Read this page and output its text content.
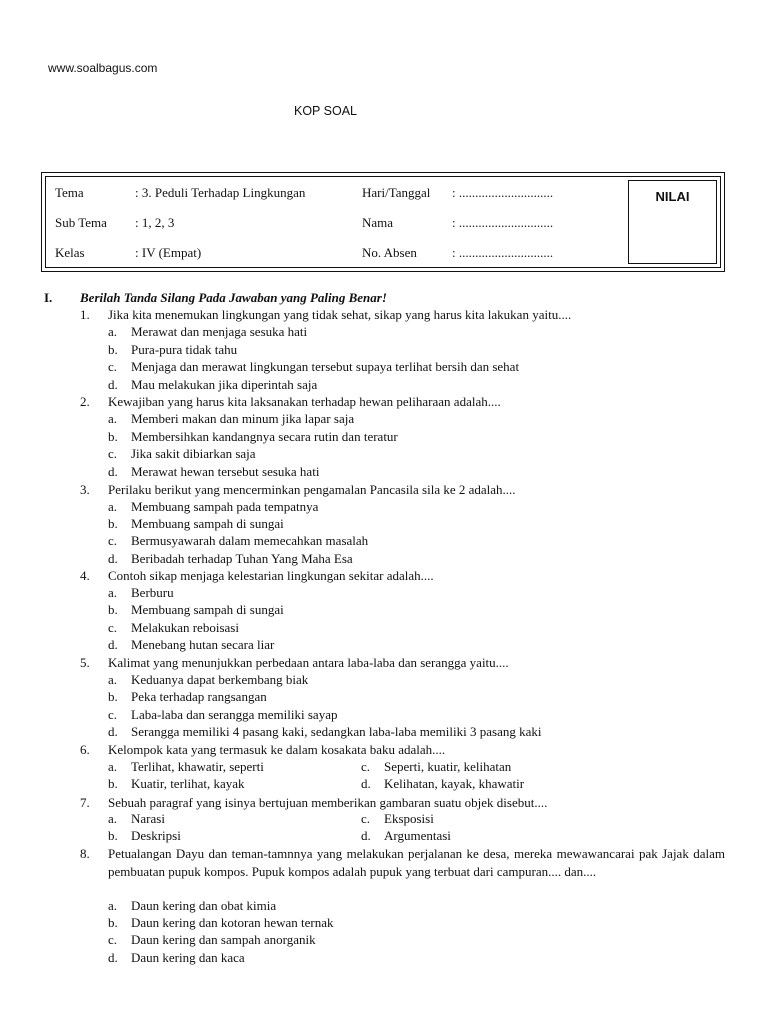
www.soalbagus.com
KOP SOAL
Tema	: 3. Peduli Terhadap Lingkungan	Hari/Tanggal : .............................
Sub Tema : 1, 2, 3	Nama	: .............................
Kelas	: IV (Empat)	No. Absen	: .............................
NILAI
I. Berilah Tanda Silang Pada Jawaban yang Paling Benar!
1. Jika kita menemukan lingkungan yang tidak sehat, sikap yang harus kita lakukan yaitu....
a. Merawat dan menjaga sesuka hati
b. Pura-pura tidak tahu
c. Menjaga dan merawat lingkungan tersebut supaya terlihat bersih dan sehat
d. Mau melakukan jika diperintah saja
2. Kewajiban yang harus kita laksanakan terhadap hewan peliharaan adalah....
a. Memberi makan dan minum jika lapar saja
b. Membersihkan kandangnya secara rutin dan teratur
c. Jika sakit dibiarkan saja
d. Merawat hewan tersebut sesuka hati
3. Perilaku berikut yang mencerminkan pengamalan Pancasila sila ke 2 adalah....
a. Membuang sampah pada tempatnya
b. Membuang sampah di sungai
c. Bermusyawarah dalam memecahkan masalah
d. Beribadah terhadap Tuhan Yang Maha Esa
4. Contoh sikap menjaga kelestarian lingkungan sekitar adalah....
a. Berburu
b. Membuang sampah di sungai
c. Melakukan reboisasi
d. Menebang hutan secara liar
5. Kalimat yang menunjukkan perbedaan antara laba-laba dan serangga yaitu....
a. Keduanya dapat berkembang biak
b. Peka terhadap rangsangan
c. Laba-laba dan serangga memiliki sayap
d. Serangga memiliki 4 pasang kaki, sedangkan laba-laba memiliki 3 pasang kaki
6. Kelompok kata yang termasuk ke dalam kosakata baku adalah....
a. Terlihat, khawatir, seperti	c. Seperti, kuatir, kelihatan
b. Kuatir, terlihat, kayak	d. Kelihatan, kayak, khawatir
7. Sebuah paragraf yang isinya bertujuan memberikan gambaran suatu objek disebut....
a. Narasi	c. Eksposisi
b. Deskripsi	d. Argumentasi
8. Petualangan Dayu dan teman-tamnnya yang melakukan perjalanan ke desa, mereka mewawancarai pak Jajak dalam pembuatan pupuk kompos. Pupuk kompos adalah pupuk yang terbuat dari campuran.... dan....
a. Daun kering dan obat kimia
b. Daun kering dan kotoran hewan ternak
c. Daun kering dan sampah anorganik
d. Daun kering dan kaca
